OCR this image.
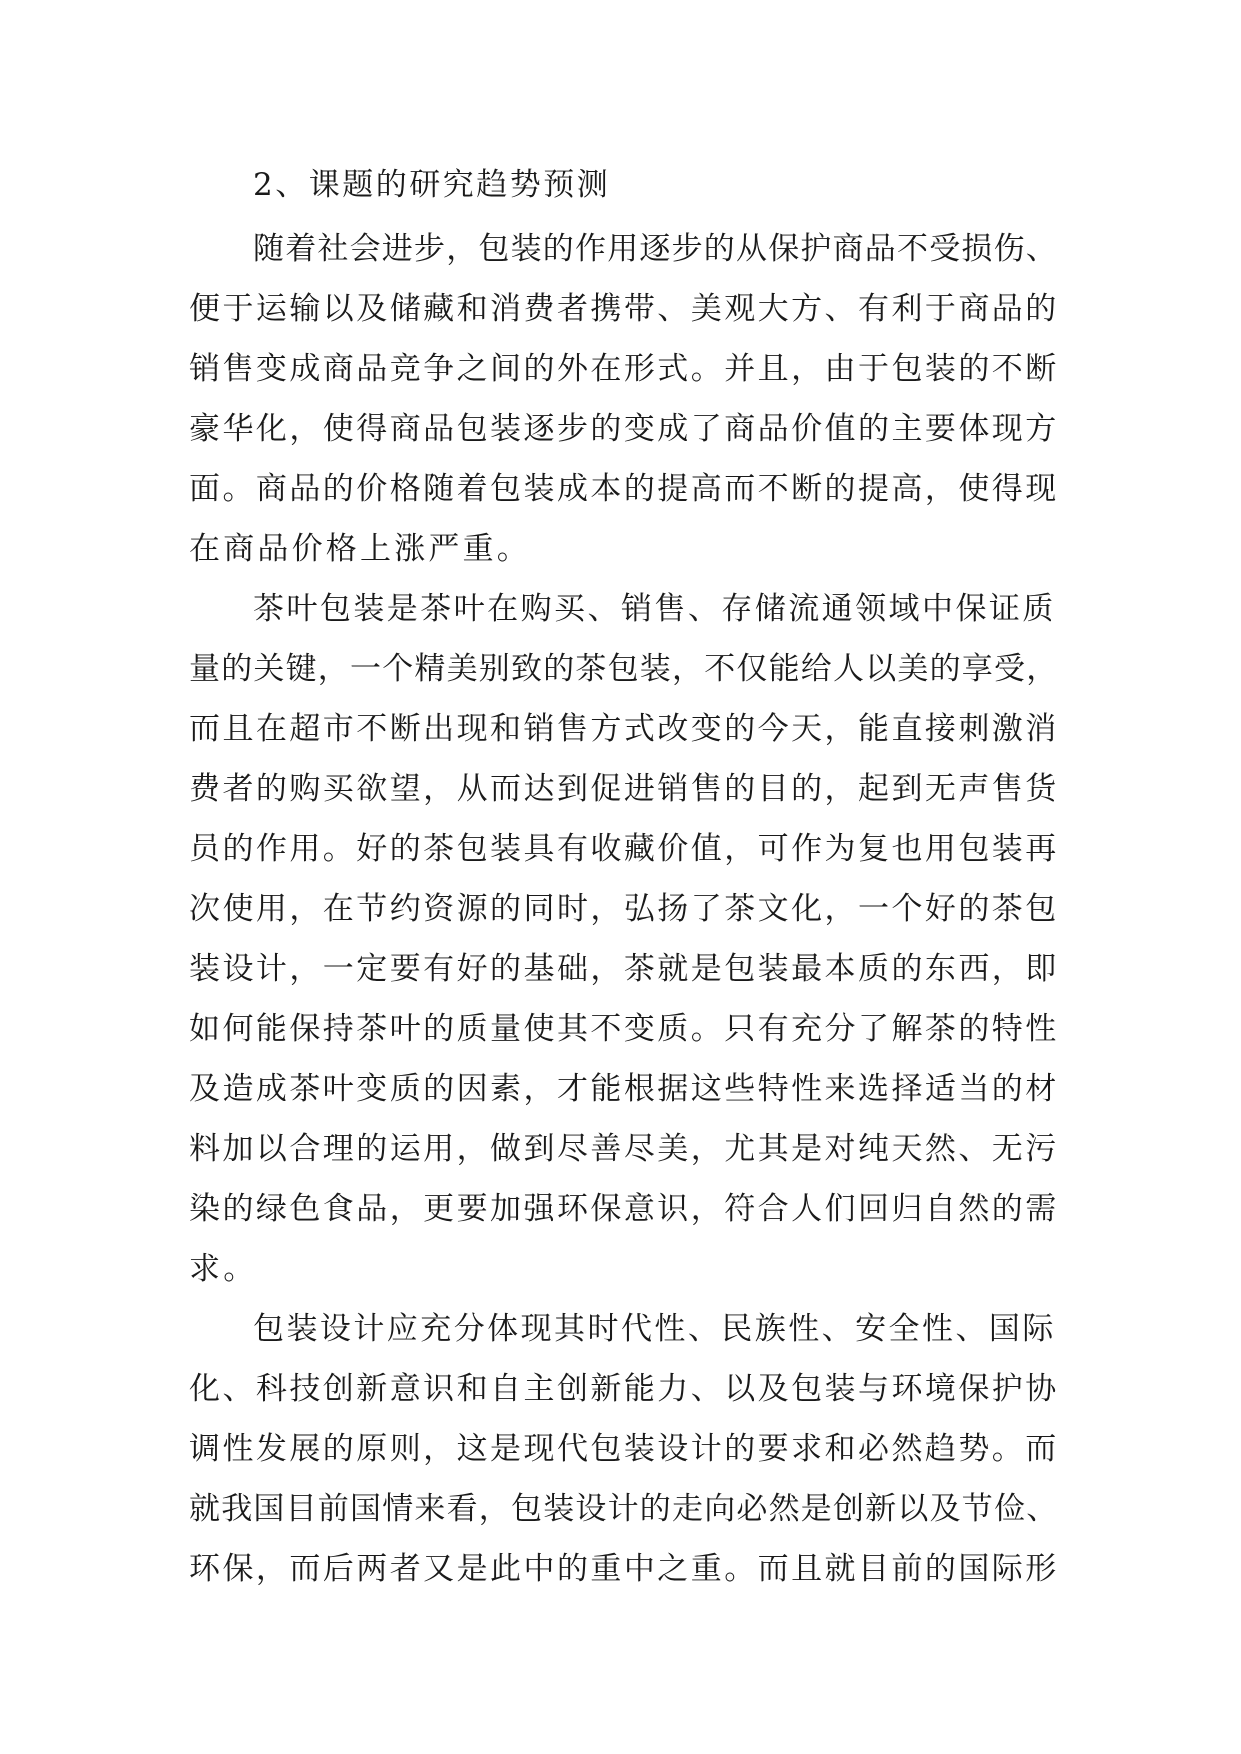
2、课题的研究趋势预测
随着社会进步，包装的作用逐步的从保护商品不受损伤、
便于运输以及储藏和消费者携带、美观大方、有利于商品的
销售变成商品竞争之间的外在形式。并且，由于包装的不断
豪华化，使得商品包装逐步的变成了商品价值的主要体现方
面。商品的价格随着包装成本的提高而不断的提高，使得现
在商品价格上涨严重。
茶叶包装是茶叶在购买、销售、存储流通领域中保证质
量的关键，一个精美别致的茶包装，不仅能给人以美的享受，
而且在超市不断出现和销售方式改变的今天，能直接刺激消
费者的购买欲望，从而达到促进销售的目的，起到无声售货
员的作用。好的茶包装具有收藏价值，可作为复也用包装再
次使用，在节约资源的同时，弘扬了茶文化，一个好的茶包
装设计，一定要有好的基础，茶就是包装最本质的东西，即
如何能保持茶叶的质量使其不变质。只有充分了解茶的特性
及造成茶叶变质的因素，才能根据这些特性来选择适当的材
料加以合理的运用，做到尽善尽美，尤其是对纯天然、无污
染的绿色食品，更要加强环保意识，符合人们回归自然的需
求。
包装设计应充分体现其时代性、民族性、安全性、国际
化、科技创新意识和自主创新能力、以及包装与环境保护协
调性发展的原则，这是现代包装设计的要求和必然趋势。而
就我国目前国情来看，包装设计的走向必然是创新以及节俭、
环保，而后两者又是此中的重中之重。而且就目前的国际形
